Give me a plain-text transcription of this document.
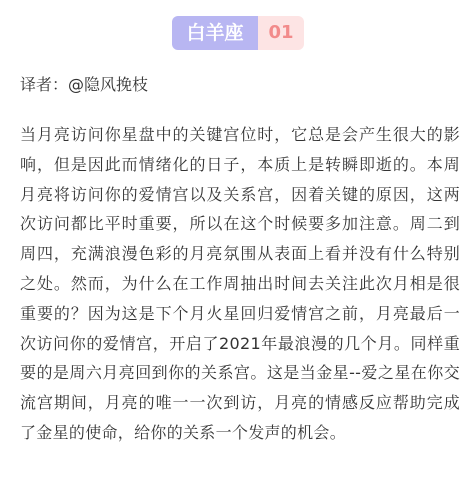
白羊座	01
译者：@隐风挽枝
当月亮访问你星盘中的关键宫位时，它总是会产生很大的影响，但是因此而情绪化的日子，本质上是转瞬即逝的。本周月亮将访问你的爱情宫以及关系宫，因着关键的原因，这两次访问都比平时重要，所以在这个时候要多加注意。周二到周四，充满浪漫色彩的月亮氛围从表面上看并没有什么特别之处。然而，为什么在工作周抽出时间去关注此次月相是很重要的？因为这是下个月火星回归爱情宫之前，月亮最后一次访问你的爱情宫，开启了2021年最浪漫的几个月。同样重要的是周六月亮回到你的关系宫。这是当金星--爱之星在你交流宫期间，月亮的唯一一次到访，月亮的情感反应帮助完成了金星的使命，给你的关系一个发声的机会。
